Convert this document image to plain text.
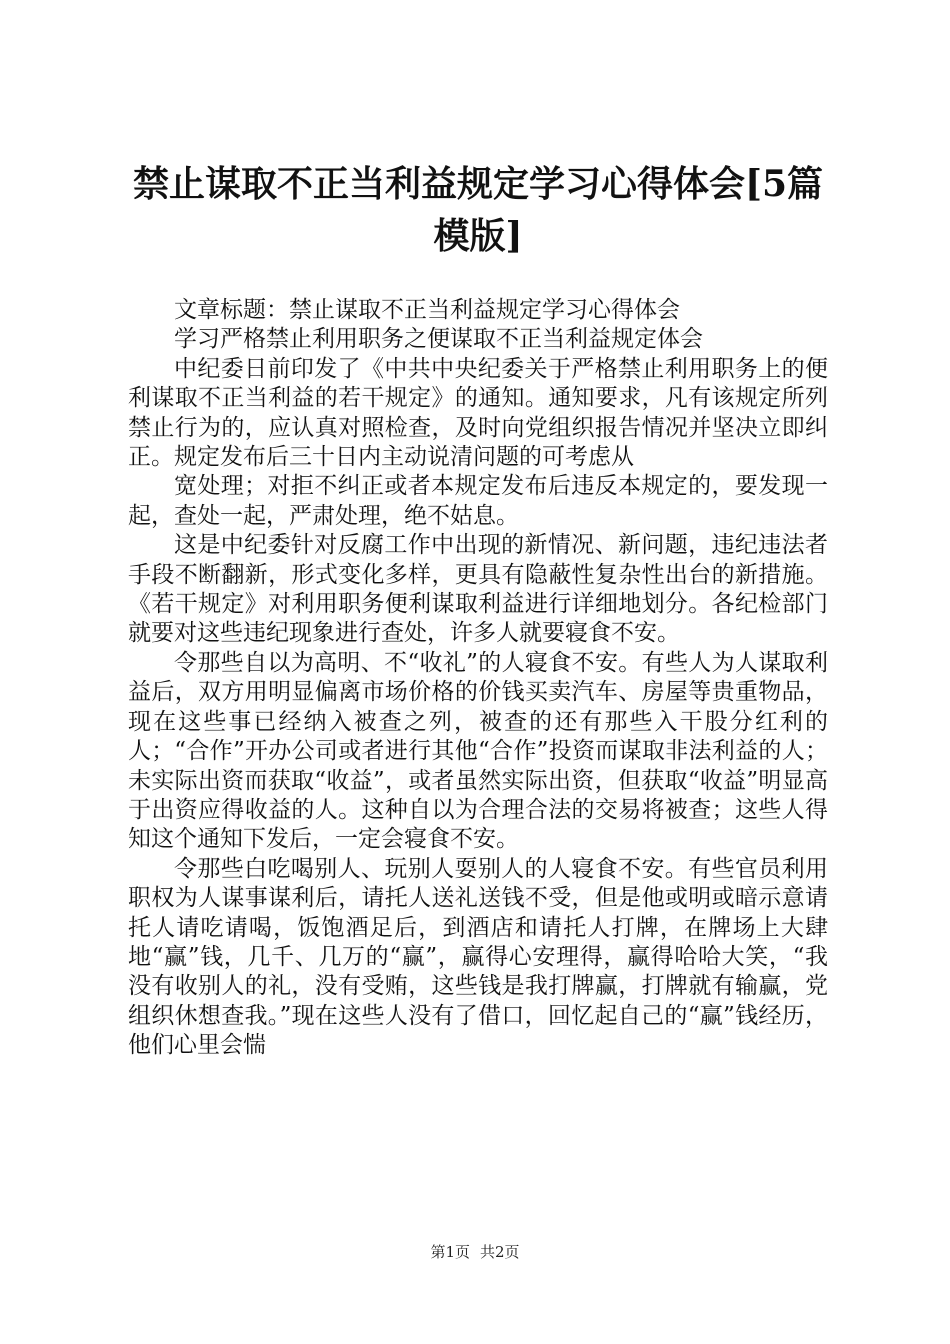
禁止谋取不正当利益规定学习心得体会[5篇模版]

文章标题：禁止谋取不正当利益规定学习心得体会

学习严格禁止利用职务之便谋取不正当利益规定体会

中纪委日前印发了《中共中央纪委关于严格禁止利用职务上的便利谋取不正当利益的若干规定》的通知。通知要求，凡有该规定所列禁止行为的，应认真对照检查，及时向党组织报告情况并坚决立即纠正。规定发布后三十日内主动说清问题的可考虑从

宽处理；对拒不纠正或者本规定发布后违反本规定的，要发现一起，查处一起，严肃处理，绝不姑息。

这是中纪委针对反腐工作中出现的新情况、新问题，违纪违法者手段不断翻新，形式变化多样，更具有隐蔽性复杂性出台的新措施。《若干规定》对利用职务便利谋取利益进行详细地划分。各纪检部门就要对这些违纪现象进行查处，许多人就要寝食不安。

令那些自以为高明、不“收礼”的人寝食不安。有些人为人谋取利益后，双方用明显偏离市场价格的价钱买卖汽车、房屋等贵重物品，现在这些事已经纳入被查之列，被查的还有那些入干股分红利的人；“合作”开办公司或者进行其他“合作”投资而谋取非法利益的人；未实际出资而获取“收益”，或者虽然实际出资，但获取“收益”明显高于出资应得收益的人。这种自以为合理合法的交易将被查；这些人得知这个通知下发后，一定会寝食不安。

令那些白吃喝别人、玩别人耍别人的人寝食不安。有些官员利用职权为人谋事谋利后，请托人送礼送钱不受，但是他或明或暗示意请托人请吃请喝，饭饱酒足后，到酒店和请托人打牌，在牌场上大肆地“赢”钱，几千、几万的“赢”，赢得心安理得，赢得哈哈大笑，“我没有收别人的礼，没有受贿，这些钱是我打牌赢，打牌就有输赢，党组织休想查我。”现在这些人没有了借口，回忆起自己的“赢”钱经历，他们心里会惴

第1页 共2页
